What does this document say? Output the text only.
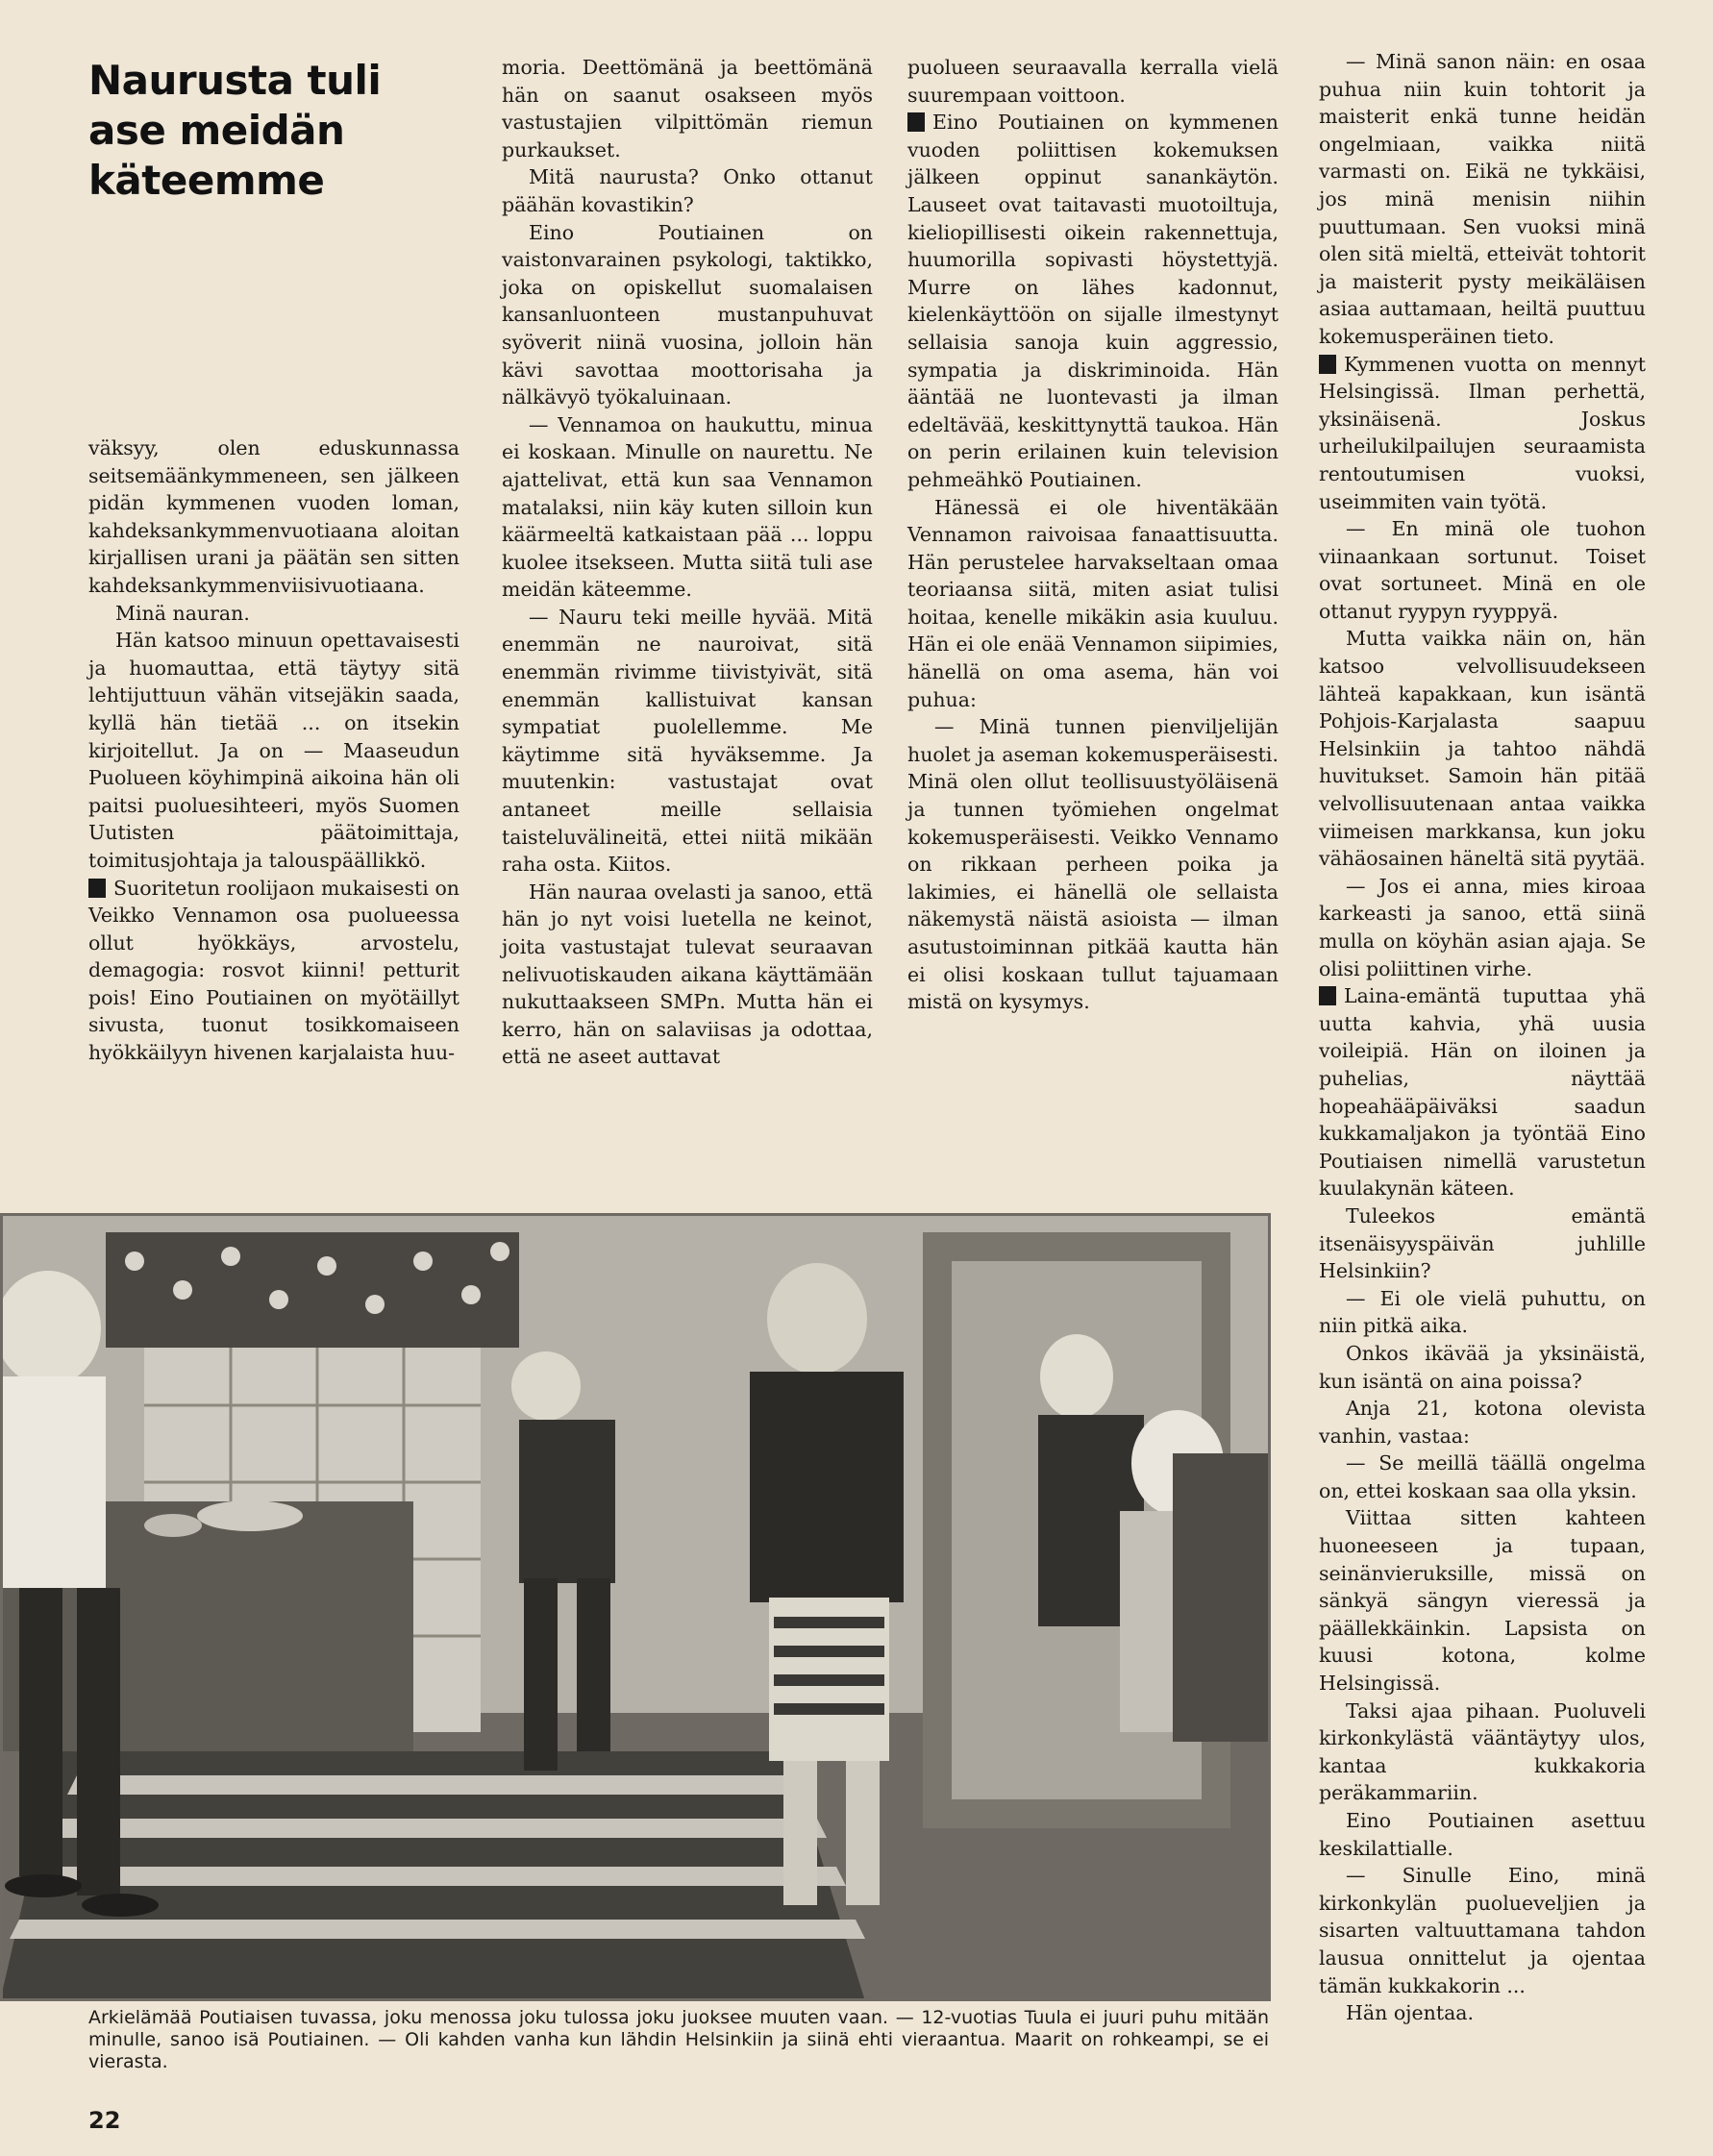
Naurusta tuli
ase meidän
käteemme

väksyy, olen eduskunnassa seitsemäänkymmeneen, sen jälkeen pidän kymmenen vuoden loman, kahdeksankymmenvuotiaana aloitan kirjallisen urani ja päätän sen sitten kahdeksankymmenviisivuotiaana.

Minä nauran.

Hän katsoo minuun opettavaisesti ja huomauttaa, että täytyy sitä lehtijuttuun vähän vitsejäkin saada, kyllä hän tietää ... on itsekin kirjoitellut. Ja on — Maaseudun Puolueen köyhimpinä aikoina hän oli paitsi puoluesihteeri, myös Suomen Uutisten päätoimittaja, toimitusjohtaja ja talouspäällikkö.

Suoritetun roolijaon mukaisesti on Veikko Vennamon osa puolueessa ollut hyökkäys, arvostelu, demagogia: rosvot kiinni! petturit pois! Eino Poutiainen on myötäillyt sivusta, tuonut tosikkomaiseen hyökkäilyyn hivenen karjalaista huu-

moria. Deettömänä ja beettömänä hän on saanut osakseen myös vastustajien vilpittömän riemun purkaukset.

Mitä naurusta? Onko ottanut päähän kovastikin?

Eino Poutiainen on vaistonvarainen psykologi, taktikko, joka on opiskellut suomalaisen kansanluonteen mustanpuhuvat syöverit niinä vuosina, jolloin hän kävi savottaa moottorisaha ja nälkävyö työkaluinaan.

— Vennamoa on haukuttu, minua ei koskaan. Minulle on naurettu. Ne ajattelivat, että kun saa Vennamon matalaksi, niin käy kuten silloin kun käärmeeltä katkaistaan pää ... loppu kuolee itsekseen. Mutta siitä tuli ase meidän käteemme.

— Nauru teki meille hyvää. Mitä enemmän ne nauroivat, sitä enemmän rivimme tiivistyivät, sitä enemmän kallistuivat kansan sympatiat puolellemme. Me käytimme sitä hyväksemme. Ja muutenkin: vastustajat ovat antaneet meille sellaisia taisteluvälineitä, ettei niitä mikään raha osta. Kiitos.

Hän nauraa ovelasti ja sanoo, että hän jo nyt voisi luetella ne keinot, joita vastustajat tulevat seuraavan nelivuotiskauden aikana käyttämään nukuttaakseen SMPn. Mutta hän ei kerro, hän on salaviisas ja odottaa, että ne aseet auttavat

puolueen seuraavalla kerralla vielä suurempaan voittoon.

Eino Poutiainen on kymmenen vuoden poliittisen kokemuksen jälkeen oppinut sanankäytön. Lauseet ovat taitavasti muotoiltuja, kieliopillisesti oikein rakennettuja, huumorilla sopivasti höystettyjä. Murre on lähes kadonnut, kielenkäyttöön on sijalle ilmestynyt sellaisia sanoja kuin aggressio, sympatia ja diskriminoida. Hän ääntää ne luontevasti ja ilman edeltävää, keskittynyttä taukoa. Hän on perin erilainen kuin television pehmeähkö Poutiainen.

Hänessä ei ole hiventäkään Vennamon raivoisaa fanaattisuutta. Hän perustelee harvakseltaan omaa teoriaansa siitä, miten asiat tulisi hoitaa, kenelle mikäkin asia kuuluu. Hän ei ole enää Vennamon siipimies, hänellä on oma asema, hän voi puhua:

— Minä tunnen pienviljelijän huolet ja aseman kokemusperäisesti. Minä olen ollut teollisuustyöläisenä ja tunnen työmiehen ongelmat kokemusperäisesti. Veikko Vennamo on rikkaan perheen poika ja lakimies, ei hänellä ole sellaista näkemystä näistä asioista — ilman asutustoiminnan pitkää kautta hän ei olisi koskaan tullut tajuamaan mistä on kysymys.

— Minä sanon näin: en osaa puhua niin kuin tohtorit ja maisterit enkä tunne heidän ongelmiaan, vaikka niitä varmasti on. Eikä ne tykkäisi, jos minä menisin niihin puuttumaan. Sen vuoksi minä olen sitä mieltä, etteivät tohtorit ja maisterit pysty meikäläisen asiaa auttamaan, heiltä puuttuu kokemusperäinen tieto.

Kymmenen vuotta on mennyt Helsingissä. Ilman perhettä, yksinäisenä. Joskus urheilukilpailujen seuraamista rentoutumisen vuoksi, useimmiten vain työtä.

— En minä ole tuohon viinaankaan sortunut. Toiset ovat sortuneet. Minä en ole ottanut ryypyn ryyppyä.

Mutta vaikka näin on, hän katsoo velvollisuudekseen lähteä kapakkaan, kun isäntä Pohjois-Karjalasta saapuu Helsinkiin ja tahtoo nähdä huvitukset. Samoin hän pitää velvollisuutenaan antaa vaikka viimeisen markkansa, kun joku vähäosainen häneltä sitä pyytää.

— Jos ei anna, mies kiroaa karkeasti ja sanoo, että siinä mulla on köyhän asian ajaja. Se olisi poliittinen virhe.

Laina-emäntä tuputtaa yhä uutta kahvia, yhä uusia voileipiä. Hän on iloinen ja puhelias, näyttää hopeahääpäiväksi saadun kukkamaljakon ja työntää Eino Poutiaisen nimellä varustetun kuulakynän käteen.

Tuleekos emäntä itsenäisyyspäivän juhlille Helsinkiin?

— Ei ole vielä puhuttu, on niin pitkä aika.

Onkos ikävää ja yksinäistä, kun isäntä on aina poissa?

Anja 21, kotona olevista vanhin, vastaa:

— Se meillä täällä ongelma on, ettei koskaan saa olla yksin.

Viittaa sitten kahteen huoneeseen ja tupaan, seinänvieruksille, missä on sänkyä sängyn vieressä ja päällekkäinkin. Lapsista on kuusi kotona, kolme Helsingissä.

Taksi ajaa pihaan. Puoluveli kirkonkylästä vääntäytyy ulos, kantaa kukkakoria peräkammariin.

Eino Poutiainen asettuu keskilattialle.

— Sinulle Eino, minä kirkonkylän puolueveljien ja sisarten valtuuttamana tahdon lausua onnittelut ja ojentaa tämän kukkakorin ...

Hän ojentaa.

Arkielämää Poutiaisen tuvassa, joku menossa joku tulossa joku juoksee muuten vaan. — 12-vuotias Tuula ei juuri puhu mitään minulle, sanoo isä Poutiainen. — Oli kahden vanha kun lähdin Helsinkiin ja siinä ehti vieraantua. Maarit on rohkeampi, se ei vierasta.
22
